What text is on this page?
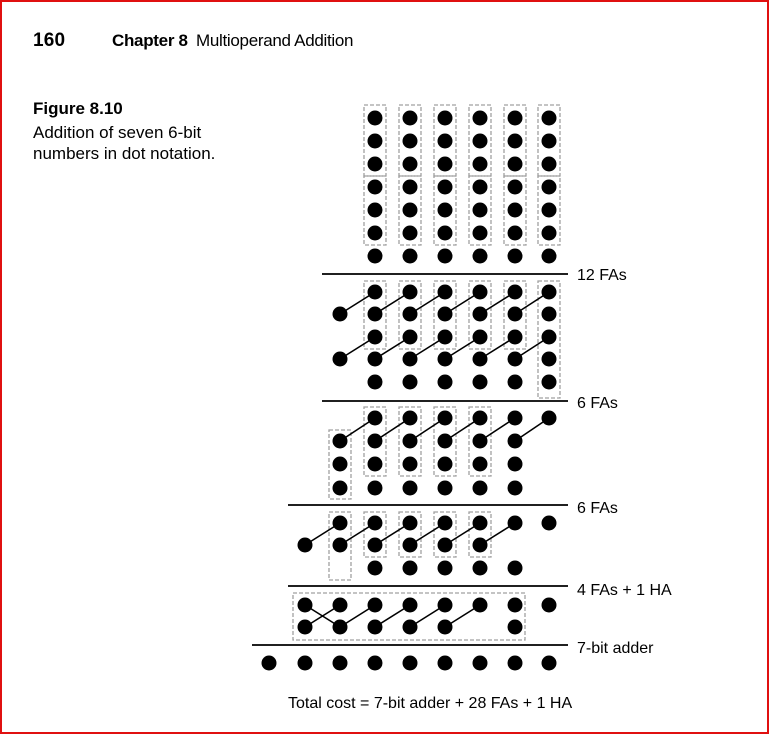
160	Chapter 8 Multioperand Addition
Figure 8.10
Addition of seven 6-bit numbers in dot notation.
12 FAs
6 FAs
6 FAs
4 FAs + 1 HA
7-bit adder
Total cost = 7-bit adder + 28 FAs + 1 HA
